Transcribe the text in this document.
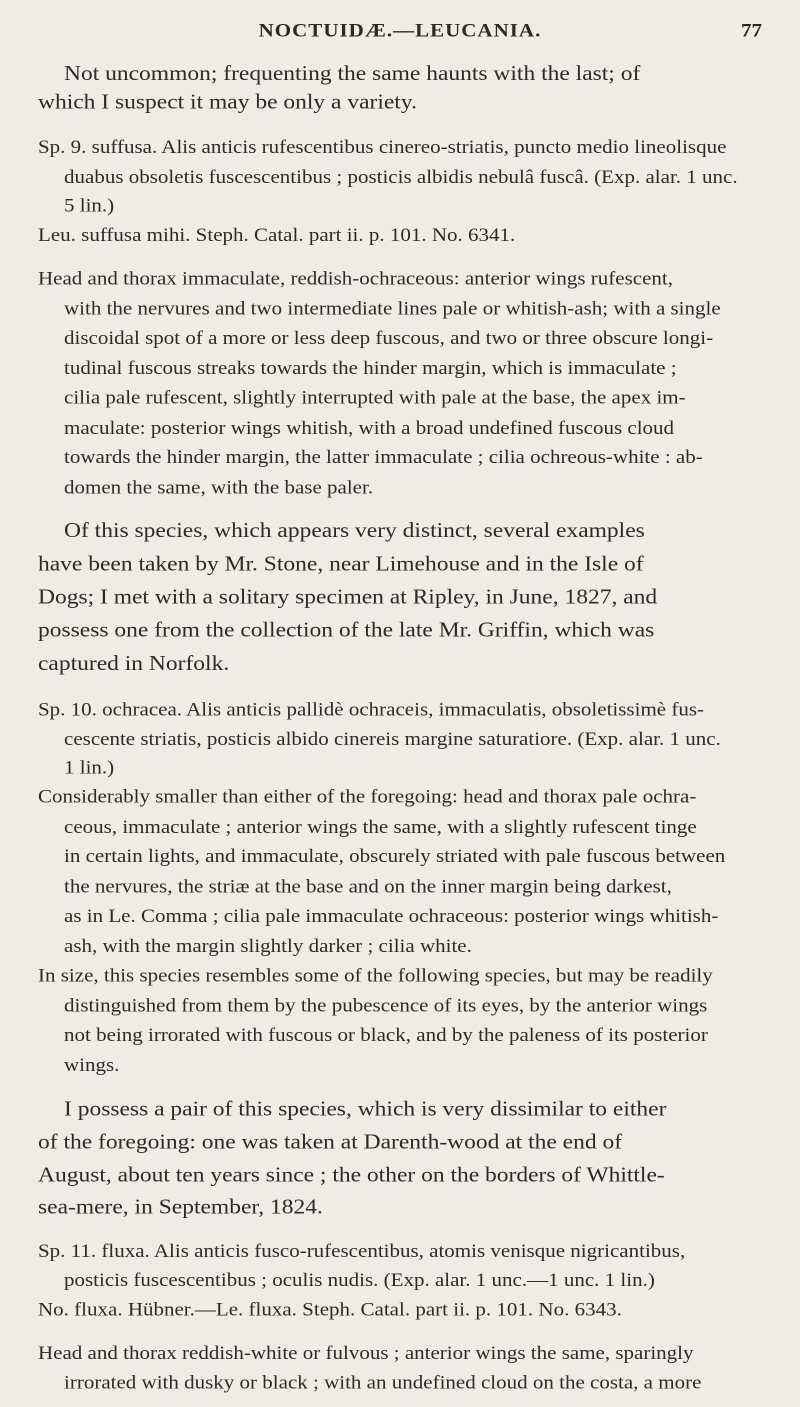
NOCTUIDÆ.—LEUCANIA.	77
Not uncommon; frequenting the same haunts with the last; of
which I suspect it may be only a variety.
Sp. 9. suffusa. Alis anticis rufescentibus cinereo-striatis, puncto medio lineolisque
duabus obsoletis fuscescentibus ; posticis albidis nebulâ fuscâ. (Exp. alar. 1 unc.
5 lin.)
Leu. suffusa mihi. Steph. Catal. part ii. p. 101. No. 6341.
Head and thorax immaculate, reddish-ochraceous: anterior wings rufescent,
with the nervures and two intermediate lines pale or whitish-ash; with a single
discoidal spot of a more or less deep fuscous, and two or three obscure longi-
tudinal fuscous streaks towards the hinder margin, which is immaculate ;
cilia pale rufescent, slightly interrupted with pale at the base, the apex im-
maculate: posterior wings whitish, with a broad undefined fuscous cloud
towards the hinder margin, the latter immaculate ; cilia ochreous-white : ab-
domen the same, with the base paler.
Of this species, which appears very distinct, several examples
have been taken by Mr. Stone, near Limehouse and in the Isle of
Dogs; I met with a solitary specimen at Ripley, in June, 1827, and
possess one from the collection of the late Mr. Griffin, which was
captured in Norfolk.
Sp. 10. ochracea. Alis anticis pallidè ochraceis, immaculatis, obsoletissimè fus-
cescente striatis, posticis albido cinereis margine saturatiore. (Exp. alar. 1 unc.
1 lin.)
Considerably smaller than either of the foregoing: head and thorax pale ochra-
ceous, immaculate ; anterior wings the same, with a slightly rufescent tinge
in certain lights, and immaculate, obscurely striated with pale fuscous between
the nervures, the striæ at the base and on the inner margin being darkest,
as in Le. Comma ; cilia pale immaculate ochraceous: posterior wings whitish-
ash, with the margin slightly darker ; cilia white.
In size, this species resembles some of the following species, but may be readily
distinguished from them by the pubescence of its eyes, by the anterior wings
not being irrorated with fuscous or black, and by the paleness of its posterior
wings.
I possess a pair of this species, which is very dissimilar to either
of the foregoing: one was taken at Darenth-wood at the end of
August, about ten years since ; the other on the borders of Whittle-
sea-mere, in September, 1824.
Sp. 11. fluxa. Alis anticis fusco-rufescentibus, atomis venisque nigricantibus,
posticis fuscescentibus ; oculis nudis. (Exp. alar. 1 unc.—1 unc. 1 lin.)
No. fluxa. Hübner.—Le. fluxa. Steph. Catal. part ii. p. 101. No. 6343.
Head and thorax reddish-white or fulvous ; anterior wings the same, sparingly
irrorated with dusky or black ; with an undefined cloud on the costa, a more
